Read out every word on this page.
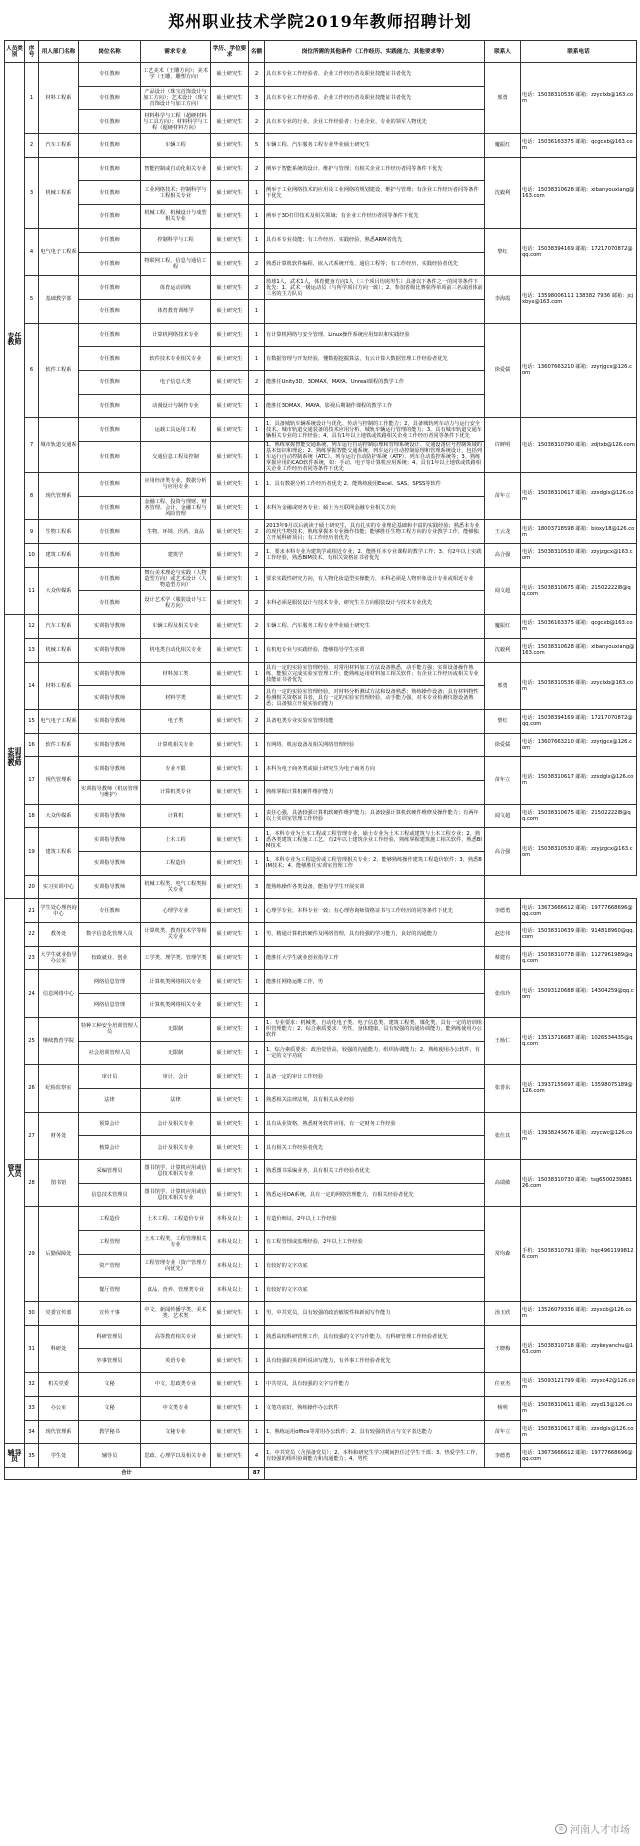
郑州职业技术学院2019年教师招聘计划
人员类别	序号	用人部门名称	岗位名称	需求专业	学历、学位要求	名额	岗位所需的其他条件（工作经历、实践能力、其他要求等）	联系人	联系电话
专任教师	1	材料工程系	专任教师	工艺美术（王雕方向）；美术学（王雕、雕塑方向）	硕士研究生	2	具有本专业工作经验者、企业工作经历者及职业技能证书者优先	邢勇	电话：15038310536 邮箱：zzyclxb@163.com
			专任教师	产品设计（珠宝首饰设计与加工方向）；艺术设计（珠宝首饰设计与加工方向）	硕士研究生	3	具有本专业工作经验者、企业工作经历者及职业技能证书者优先		
			专任教师	材料科学与工程（超硬材料与工具方向）；材料科学与工程（超硬材料方向）	硕士研究生	2	具有本专业的行业、企业工作经验者；行业企业、专业的领军人物优先		
	2	汽车工程系	专任教师	车辆工程	硕士研究生	5	车辆工程、汽车服务工程专业毕业硕士研究生	魔振红	电话：15036163375 邮箱：qcgcxb@163.com
	3	机械工程系	专任教师	智能控制或自动化相关专业	硕士研究生	2	例举于智能系统的设计、维护与管理；有相关企业工作经历者同等条件下优先	沈毅利	电话：15038310628 邮箱：xibanyouxiang@163.com
			专任教师	工业网络技术；控制科学与工程相关专业	硕士研究生	1	例举于工业网络技术的应用及工业网络的规划建设、维护与管理；有企业工作经历者同等条件下优先		
			专任教师	机械工程、机械设计与成型相关专业	硕士研究生	1	例举于3D打印技术及相关领域；有企业工作经历者同等条件下优先		
	4	电气电子工程系	专任教师	控制科学与工程	硕士研究生	1	具有本专业技能；有工作经历、实践经验，熟悉ARM者优先	黎红	电话：15038394169 邮箱：17217070872@qq.com
			专任教师	物联网工程、信息与通信工程	硕士研究生	2	熟悉计算机软件编程、嵌入式系统开发、通信工程等；有工作经历、实践经验者优先		
	5	基础教学部	专任教师	体育运动训练	硕士研究生	2	篮球1人，武术1人，体育健身方向1人（三个项目均需男生）具备以下条件之一的同等条件下优先：1、武术一级运动员（与所学项目方向一致）；2、参加省级比赛获得单项前三名或团体前三名的主力队员	李海霞	电话：13598006111 138382 7936 邮箱：jcjxbyx@163.com
			专任教师	体育教育训练学	硕士研究生	1			
	6	软件工程系	专任教师	计算机网络技术专业	硕士研究生	1	有计算机网络与安全管理、Linux操作系统应用知识和实践经验	徐爱儒	电话：13607663210 邮箱：zzyrjgcx@126.com
			专任教师	软件技术专业相关专业	硕士研究生	1	有数据管理与开发经验，懂数据挖掘算法，有云计算大数据管理工作经验者优先		
			专任教师	电子信息大类	硕士研究生	2	能胜任Unity3D、3DMAX、MAYA、Unreal课程的教学工作		
			专任教师	动漫设计与制作专业	硕士研究生	1	能胜任3DMAX、MAYA、影视后期制作课程的教学工作		
	7	城市轨道交通系	专任教师	运载工具运用工程	硕士研究生	1	1、具备城轨车辆系统设计与优化、传动与控制的工作能力；2、具备城轨列车动力与运行安全技术、城市轨道交通装备的技术应用分析、城轨车辆运行管理的能力；3、具有城市轨道交通车辆相关专业的工作经验；4、具有1年以上地铁或铁路相关企业工作经历者同等条件下优先	许鲜明	电话：15038310790 邮箱：zdjtxb@126.com
			专任教师	交通信息工程及控制	硕士研究生	1	1、熟练掌握智能交通系统、列车运行自动控制原理和管理系统设计、交通设备信号控制领域的基本知识和理论；2、熟练掌握智能交通系统、列车运行自动控制原理和管理系统设计，包括列车运行自动控制系统（ATC）、列车运行自动防护系统（ATP）、列车自动监控系统等；3、熟练掌握应用的CAD软件系统，如：手动、电子等计算机应用系统；4、具有1年以上地铁或铁路相关企业工作经历者同等条件下优先		
	8	现代管理系	专任教师	应用经济类专业，数据分析与应用专业	硕士研究生	1	1、具有数据分析工作经历者优先 2、能熟练使用Excel、SAS、SPSS等软件	苗年立	电话：15038310617 邮箱：zzxdglx@126.com
			专任教师	金融工程、投资与理财、财务管理、会计、金融工程与风险管理	硕士研究生	1	本科为金融或财务专业；硕士为互联网金融专业相关方向		
	9	生物工程系	专任教师	生物、环境、医药、食品	硕士研究生	2	2013年9月以后就读于硕士研究生，具有扎实的专业理论基础和丰富的实践经验；熟悉本专业的现代生物技术，熟练掌握本专业操作技能；能够胜任生物工程方向的专业教学工作，能够独立开展科研项目；有工作经历者优先	王云龙	电话：18003718598 邮箱：bioxy18@126.com
	10	建筑工程系	专任教师	建筑学	硕士研究生	2	1、要求本科专业为建筑学或相近专业；2、能胜任本专业课程的教学工作；3、有2年以上实践工作经验，熟悉BIM技术，有相关资格证书者优先	高合强	电话：15038310530 邮箱：zzyjzgcx@163.com
	11	大众传媒系	专任教师	舞台美术理论与实践（人物造型方向）或艺术设计（人物造型方向）	硕士研究生	1	要求实践性研究方向，有人物化妆造型实操能力，本科必须是人物形象设计专业或相近专业	闻文超	电话：15038310675 邮箱：21502222l8@qq.com
			专任教师	设计艺术学（服装设计与工程方向）	硕士研究生	2	本科必须是服装设计与技术专业，研究生主方向服装设计与技术专业优先		
实训指导教师	12	汽车工程系	实训指导教师	车辆工程及相关专业	硕士研究生	2	车辆工程、汽车服务工程专业毕业硕士研究生	魔振红	电话：15036163375 邮箱：qcgcxb@163.com
	13	机械工程系	实训指导教师	机电类自动化相关专业	硕士研究生	1	有机电专业与实践经验，能够指导学生实训	沈毅利	电话：15038310628 邮箱：xibanyouxiang@163.com
	14	材料工程系	实训指导教师	材料加工类	硕士研究生	1	具有一定的实验室管理经验，对常用材料加工方法设备熟悉，动手能力强；实训设备操作熟练，能独立完成实验室管理工作；能熟练运用材料加工相关软件；有企业工作经历或相关专业技能证书者优先	邢勇	电话：15038310536 邮箱：zzyclxb@163.com
			实训指导教师	材料学类	硕士研究生	2	具有一定的实验室管理经验，对材料分析测试方法和设备熟悉；熟练操作设备；具有材料物性检测相关资格证书者，具有一定的实验室管理经验，动手能力强，对本专业检测仪器设备熟悉；具备独立开展实验的能力		
	15	电气电子工程系	实训指导教师	电子类	硕士研究生	2	具备电类专业实验室管理技能	黎红	电话：15038394169 邮箱：17217070872@qq.com
	16	软件工程系	实训指导教师	计算机相关专业	硕士研究生	1	有网络、机房设备及相关网络管理经验	徐爱儒	电话：13607663210 邮箱：zzyrjgcx@126.com
	17	现代管理系	实训指导教师	专业不限	硕士研究生	1	本科为电子商务类或硕士研究生为电子商务方向	苗年立	电话：15038310617 邮箱：zzxdglx@126.com
			实训指导教师（机房管理与维护）	计算机类专业	硕士研究生	1	熟练掌握计算机硬件维护能力		
	18	大众传媒系	实训指导教师	计算机	硕士研究生	1	责任心强，具备较强计算机软硬件维护能力；具备较强计算机软硬件维修及操作能力；有两年以上实训室管理工作经验	闻文超	电话：15038310675 邮箱：21502222l8@qq.com
	19	建筑工程系	实训指导教师	土木工程	硕士研究生	1	1、本科专业为土木工程或工程管理专业，硕士专业为土木工程或建筑与土木工程专业；2、熟悉各类建筑工程施工工艺，有2年以上建筑企业工作经验，熟练掌握建筑施工相关软件，熟悉BIM技术	高合强	电话：15038310530 邮箱：zzyjzgcx@163.com
			实训指导教师	工程造价	硕士研究生	1	1、本科专业为工程造价或工程管理相关专业；2、能够熟练操作建筑工程造价软件；3、熟悉BIM技术；4、能够胜任实训室管理工作		
	20	实习实训中心	实训指导教师	机械工程类、电气工程类相关专业	硕士研究生	3	能熟练操作各类设备，能指导学生开展实训		
管理人员	21	学生处心理咨询中心	专任教师	心理学专业	硕士研究生	1	心理学专业，本科专业一致；有心理咨询师资格证书与工作经历的同等条件下优先	李德勇	电话：13673666612 邮箱：19777668696@qq.com
	22	教务处	数字信息化管理人员	计算机类、教育技术学等相关专业	硕士研究生	1	男，精通计算机软硬件及网络管理，具有较强的学习能力，良好的沟通能力	赵忠伟	电话：15038310639 邮箱：914818960@qq.com
	23	大学生就业指导办公室	校政就业、创业	工学类、理学类、管理学类	硕士研究生	1	能胜任大学生就业创业指导工作	蔡建有	电话：15038310778 邮箱：1127961989@qq.com
	24	信息网络中心	网络信息管理	计算机类网络相关专业	硕士研究生	1	能胜任网络运维工作，男	张伟玲	电话：15093120688 邮箱：14304259@qq.com
			网络信息管理	计算机类网络相关专业	硕士研究生	1			
	25	继续教育学院	特种工种安全培训管理人员	无限制	硕士研究生	1	1、专业要求：机械类、自动化电子类、电子信息类、建筑工程类、煤化类，具有一定的培训组织管理能力；2、综合素质要求：男性，身体健康，具有较强的沟通协调能力，能熟练使用办公软件	王杨仁	电话：13513716687 邮箱：1026534435@qq.com
			社会培训管理人员	无限制	硕士研究生	1	1、综合素质要求：政治觉悟高，较强的沟通能力，组织协调能力；2、熟练使用办公软件，有一定的文字功底		
	26	纪检监察室	审计员	审计、会计	硕士研究生	1	具备一定的审计工作经验	张善东	电话：13937155697 邮箱：13598075189@126.com
			法律	法律	硕士研究生	1	熟悉相关法律法规，具有相关从业经验		
	27	财务处	预算会计	会计及相关专业	硕士研究生	1	具有从业资格，熟悉财务软件应用，有一定财务工作经验	张仕其	电话：13938243676 邮箱：zzycwc@126.com
			核算会计	会计及相关专业	硕士研究生	1	具有相关工作经验者优先		
	28	图书馆	采编管理员	图书馆学、计算机应用或信息技术相关专业	硕士研究生	1	熟悉图书采编业务，具有相关工作经验者优先	高瑞敏	电话：15038310730 邮箱：tsg650023988126.com
			信息技术管理员	图书馆学、计算机应用或信息技术相关专业	硕士研究生	1	熟悉运用OA系统，具有一定的网络管理能力，有相关经验者优先		
	29	后勤保障处	工程造价	土木工程、工程造价专业	本科及以上	1	有造价师证，2年以上工作经验	常均森	手机：15038310791 邮箱：hqc49611998126.com
			工程管理	土木工程类、工程管理相关专业	本科及以上	1	有工程管理或监理经验，2年以上工作经验		
			资产管理	工程管理专业（资产管理方向优先）	本科及以上	1	有较好的文字功底		
			餐厅管理	食品、营养、管理类专业	本科及以上	1	有较好的文字功底		
	30	党委宣传部	宣传干事	中文、新闻传播学类、美术类、艺术类	硕士研究生	1	男，中共党员，具有较强的政治敏锐性和新闻写作能力	汤玉欣	电话：13526079336 邮箱：zzyxcb@126.com
	31	科研处	科研管理员	高等教育相关专业	硕士研究生	1	熟悉高校科研管理工作，具有较强的文字写作能力，有科研管理工作经验者优先	王晓梅	电话：15038310718 邮箱：zzykeyanchu@163.com
			外事管理员	英语专业	硕士研究生	1	具有较强的英语听说读写能力，有外事工作经验者优先		
	32	机关党委	文秘	中文、思政类专业	硕士研究生	1	中共党员，具有较强的文字写作能力	任亚杰	电话：15093121799 邮箱：zzyxc42@126.com
	33	办公室	文秘	中文类专业	硕士研究生	1	文笔功底好，熟练操作办公软件	杨明	电话：15038310611 邮箱：zzyd13@126.com
	34	现代管理系	教学秘书	文秘专业	硕士研究生	1	1、熟练运用office等常用办公软件；2、具有较强的语言与文字表达能力	苗年立	电话：15038310617 邮箱：zzxdglx@126.com
辅导员	35	学生处	辅导员	思政、心理学以及相关专业	硕士研究生	4	1、中共党员（含预备党员）；2、本科和研究生学习期间担任过学生干部；3、热爱学生工作，有较强的组织协调能力和沟通能力；4、男性	李德勇	电话：13673666612 邮箱：19777668696@qq.com
合计						87			
◎ 河南人才市场
